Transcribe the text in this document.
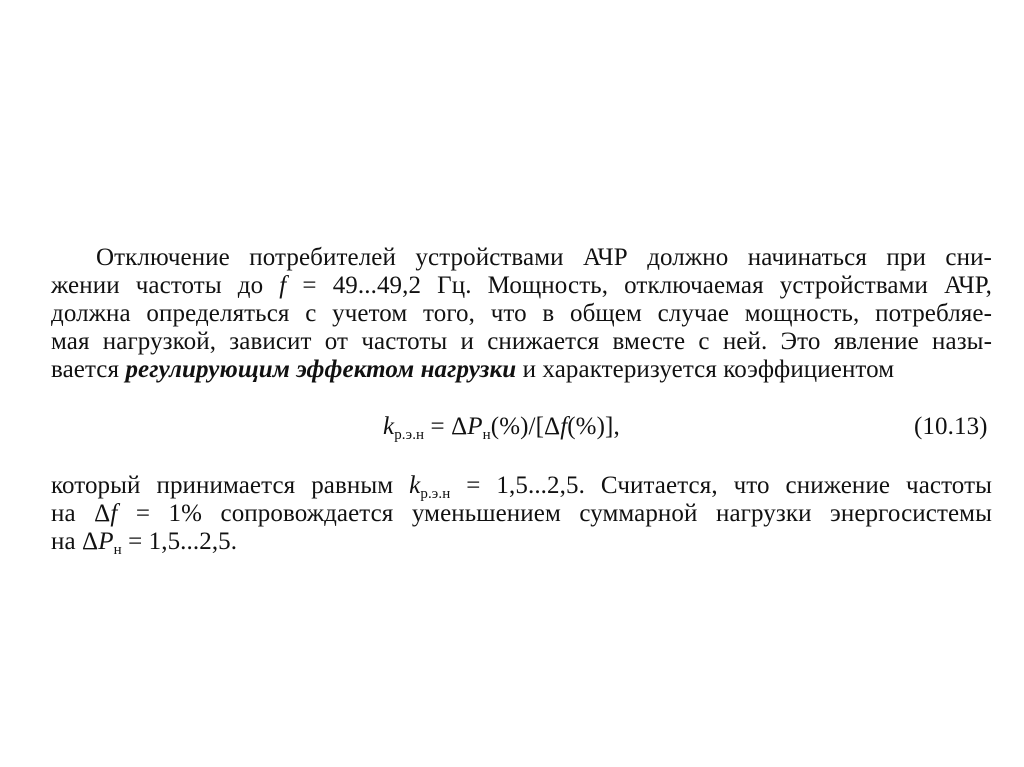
Отключение потребителей устройствами АЧР должно начинаться при сни-
жении частоты до f = 49...49,2 Гц. Мощность, отключаемая устройствами АЧР,
должна определяться с учетом того, что в общем случае мощность, потребляе-
мая нагрузкой, зависит от частоты и снижается вместе с ней. Это явление назы-
вается регулирующим эффектом нагрузки и характеризуется коэффициентом
$k_{р.э.н} = \Delta P_н(\%)/[\Delta f(\%)]$,	(10.13)
который принимается равным $k_{р.э.н} = 1,5...2,5$. Считается, что снижение частоты
на Δf = 1% сопровождается уменьшением суммарной нагрузки энергосистемы
на $\Delta P_н = 1,5...2,5$.
